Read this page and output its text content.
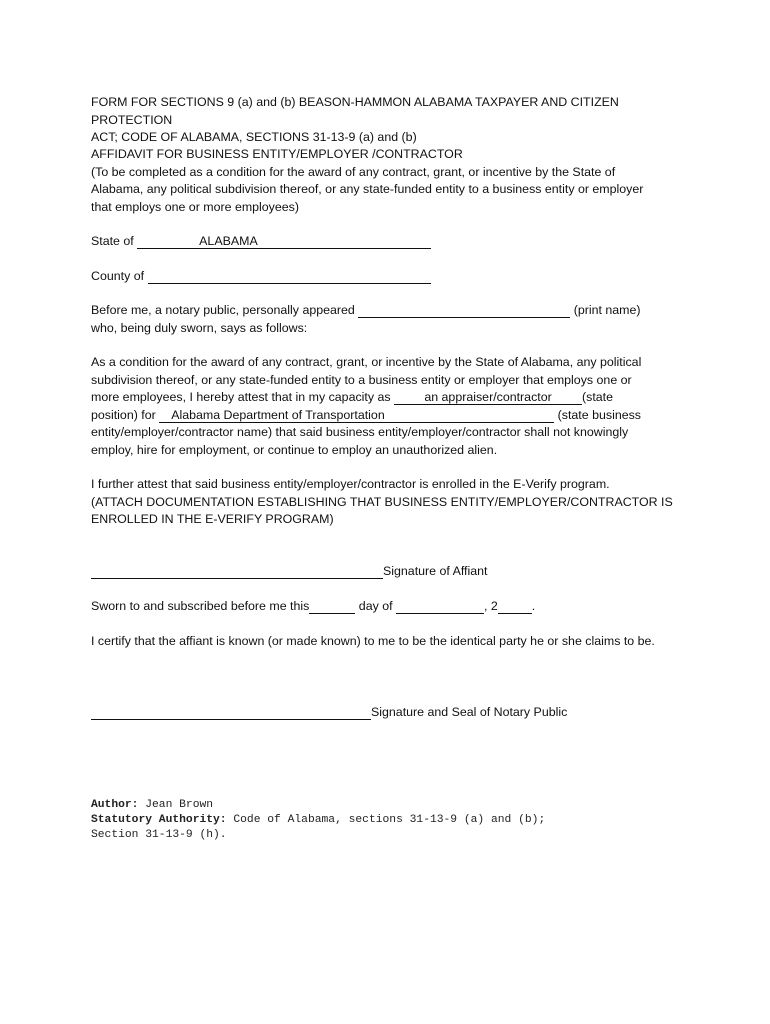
FORM FOR SECTIONS 9 (a) and (b) BEASON-HAMMON ALABAMA TAXPAYER AND CITIZEN PROTECTION

ACT; CODE OF ALABAMA, SECTIONS 31-13-9 (a) and (b)

AFFIDAVIT FOR BUSINESS ENTITY/EMPLOYER /CONTRACTOR

(To be completed as a condition for the award of any contract, grant, or incentive by the State of

Alabama, any political subdivision thereof, or any state-funded entity to a business entity or employer

that employs one or more employees)

State of	ALABAMA
County of

Before me, a notary public, personally appeared	(print name)

who, being duly sworn, says as follows:

As a condition for the award of any contract, grant, or incentive by the State of Alabama, any political

subdivision thereof, or any state-funded entity to a business entity or employer that employs one or

more employees, I hereby attest that in my capacity as	an appraiser/contractor (state

position) for Alabama Department of Transportation	(state business

entity/employer/contractor name) that said business entity/employer/contractor shall not knowingly

employ, hire for employment, or continue to employ an unauthorized alien.

I further attest that said business entity/employer/contractor is enrolled in the E-Verify program.

(ATTACH DOCUMENTATION ESTABLISHING THAT BUSINESS ENTITY/EMPLOYER/CONTRACTOR IS

ENROLLED IN THE E-VERIFY PROGRAM)

Signature of Affiant
Sworn to and subscribed before me this	day of	, 2	.

I certify that the affiant is known (or made known) to me to be the identical party he or she claims to be.

Signature and Seal of Notary Public

Author: Jean Brown

Statutory Authority: Code of Alabama, sections 31-13-9 (a) and (b);

Section 31-13-9 (h).
